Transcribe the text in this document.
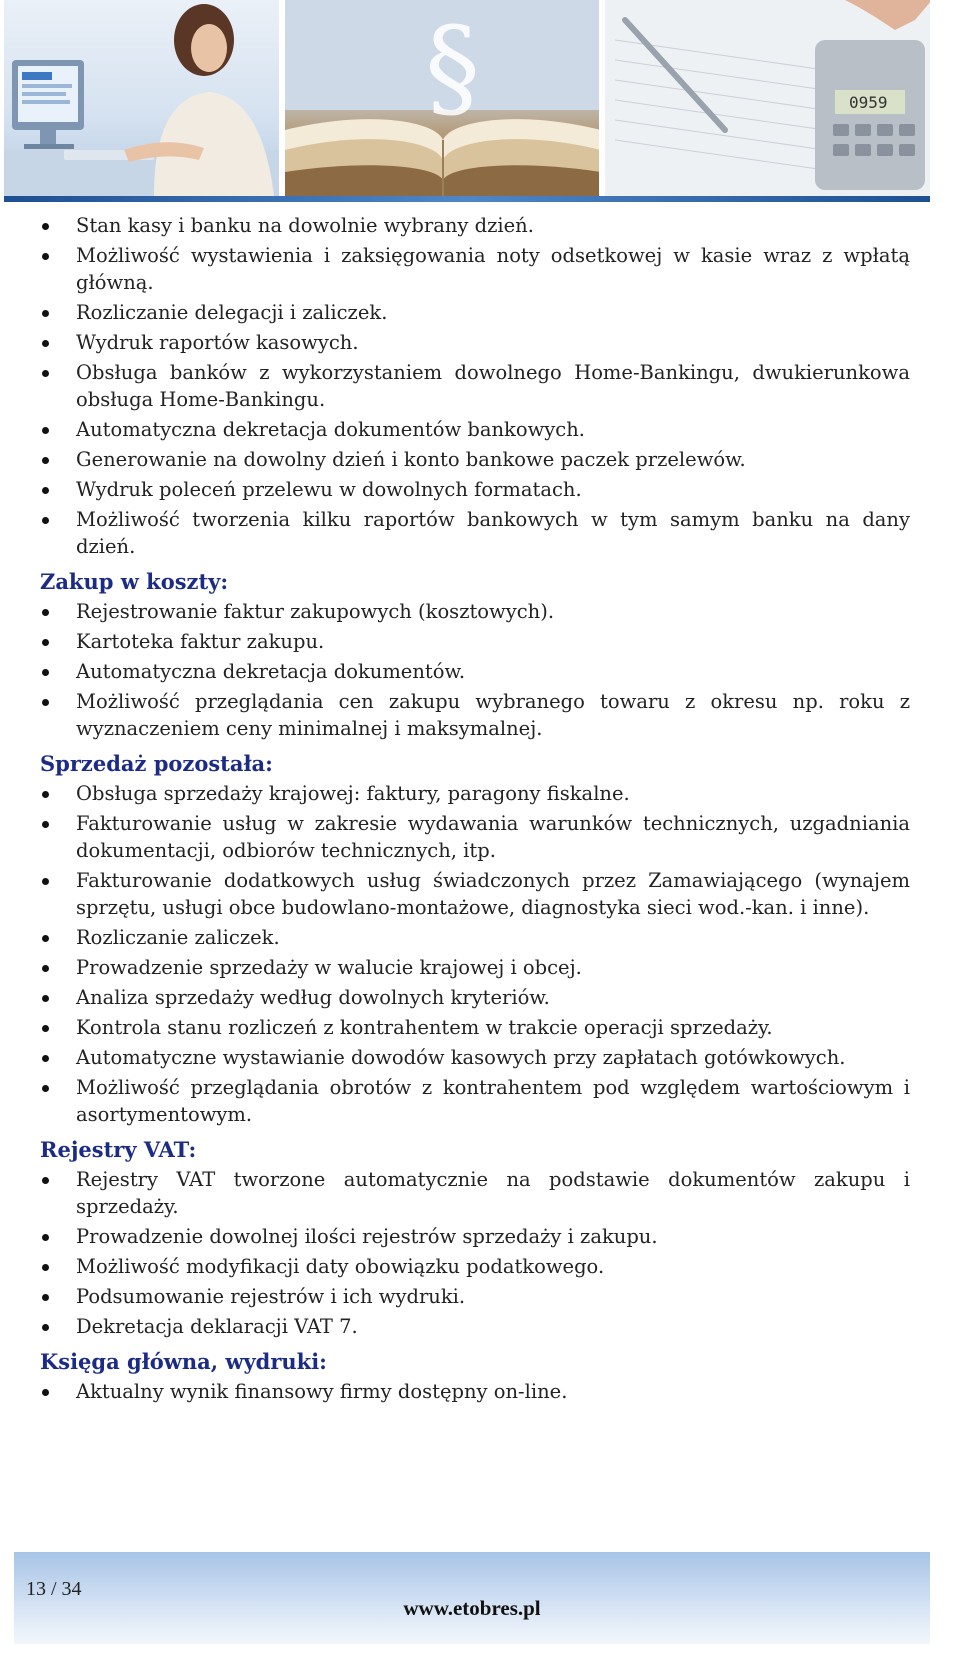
§	0959
Stan kasy i banku na dowolnie wybrany dzień.
Możliwość wystawienia i zaksięgowania noty odsetkowej w kasie wraz z wpłatą główną.
Rozliczanie delegacji i zaliczek.
Wydruk raportów kasowych.
Obsługa banków z wykorzystaniem dowolnego Home-Bankingu, dwukierunkowa obsługa Home-Bankingu.
Automatyczna dekretacja dokumentów bankowych.
Generowanie na dowolny dzień i konto bankowe paczek przelewów.
Wydruk poleceń przelewu w dowolnych formatach.
Możliwość tworzenia kilku raportów bankowych w tym samym banku na dany dzień.
Zakup w koszty:
Rejestrowanie faktur zakupowych (kosztowych).
Kartoteka faktur zakupu.
Automatyczna dekretacja dokumentów.
Możliwość przeglądania cen zakupu wybranego towaru z okresu np. roku z wyznaczeniem ceny minimalnej i maksymalnej.
Sprzedaż pozostała:
Obsługa sprzedaży krajowej: faktury, paragony fiskalne.
Fakturowanie usług w zakresie wydawania warunków technicznych, uzgadniania dokumentacji, odbiorów technicznych, itp.
Fakturowanie dodatkowych usług świadczonych przez Zamawiającego (wynajem sprzętu, usługi obce budowlano-montażowe, diagnostyka sieci wod.-kan. i inne).
Rozliczanie zaliczek.
Prowadzenie sprzedaży w walucie krajowej i obcej.
Analiza sprzedaży według dowolnych kryteriów.
Kontrola stanu rozliczeń z kontrahentem w trakcie operacji sprzedaży.
Automatyczne wystawianie dowodów kasowych przy zapłatach gotówkowych.
Możliwość przeglądania obrotów z kontrahentem pod względem wartościowym i asortymentowym.
Rejestry VAT:
Rejestry VAT tworzone automatycznie na podstawie dokumentów zakupu i sprzedaży.
Prowadzenie dowolnej ilości rejestrów sprzedaży i zakupu.
Możliwość modyfikacji daty obowiązku podatkowego.
Podsumowanie rejestrów i ich wydruki.
Dekretacja deklaracji VAT 7.
Księga główna, wydruki:
Aktualny wynik finansowy firmy dostępny on-line.
13 / 34
www.etobres.pl
